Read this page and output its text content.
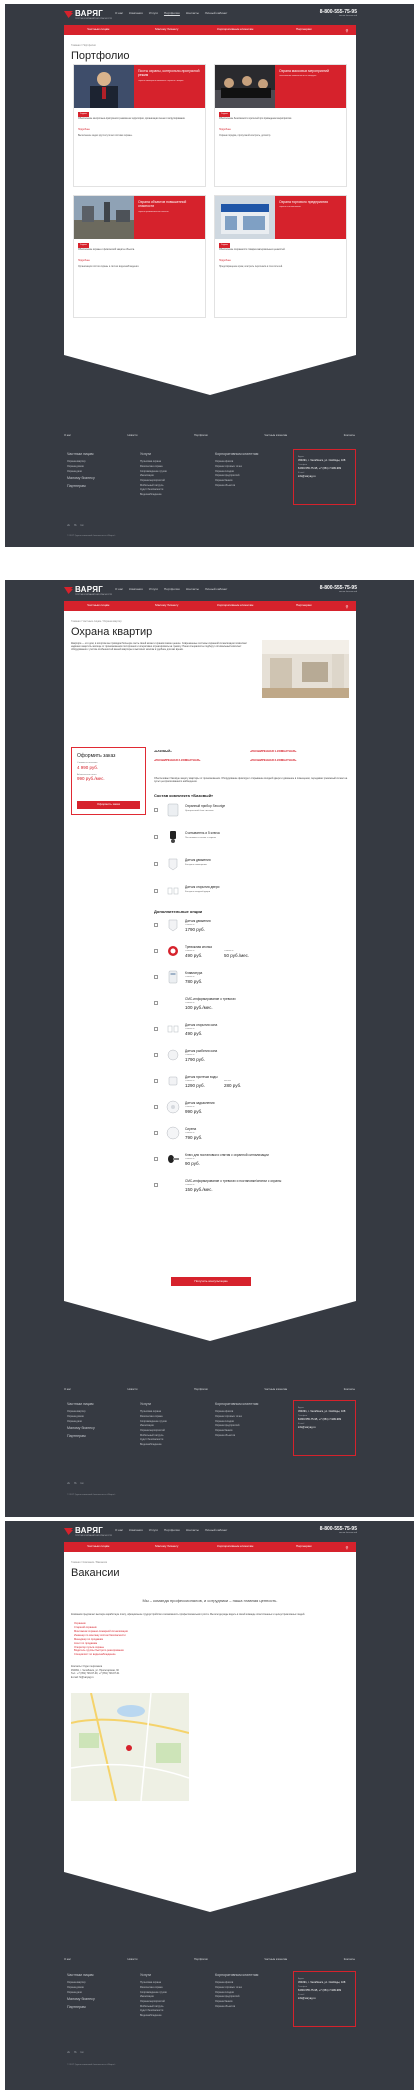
ВАРЯГ
ГРУППА КОМПАНИЙ БЕЗОПАСНОСТИ
О нас Компания Услуги Портфолио Контакты Личный кабинет	8-800-555-75-95
звонок бесплатный
Частным лицам	Малому бизнесу	Корпоративным клиентам	Партнерам	⚲
Главная / Портфолио
Портфолио
Посты охраны, контрольно-пропускной режим
Охрана жилищного комплекса «Крылья Сибири»
Задачи
Обеспечение контрольно-пропускного режима на территории, организация пешего патрулирования.
Подробнее
Выполнение задач круглосуточно постами охраны.
Охрана массовых мероприятий
Обеспечение безопасности на концерте
Задачи
Обеспечение безопасности зрителей при проведении мероприятия.
Подробнее
Охрана порядка, пропускной контроль, досмотр.
Охрана объектов повышенной опасности
Охрана промышленного объекта
Задачи
Обеспечение охраны и физической защиты объекта.
Подробнее
Организация постов охраны и систем видеонаблюдения.
Охрана торгового предприятия
Охрана сети магазинов
Задачи
Обеспечение сохранности товарно-материальных ценностей.
Подробнее
Предотвращение краж, контроль персонала и посетителей.
О нас	Новости	Портфолио	Частным клиентам	Контакты
Частным лицам
Охрана квартир
Охрана домов
Охрана дачи
Малому бизнесу
Партнерам
Услуги
Пультовая охрана
Физическая охрана
Сопровождение грузов
Инкассация
Охрана мероприятий
Мобильный патруль
Аудит безопасности
Видеонаблюдение
Корпоративным клиентам
Охрана офисов
Охрана торговых точек
Охрана складов
Охрана предприятий
Охрана банков
Охрана объектов
Адрес
454091, г. Челябинск, ул. Свободы, 108
Телефон
8-800-555-75-95, +7 (351) 7-999-999
E-mail
info@varyag.ru
vk fb tw
© 2017 Группа компаний безопасности «Варяг»
ВАРЯГ
ГРУППА КОМПАНИЙ БЕЗОПАСНОСТИ
О нас Компания Услуги Портфолио Контакты Личный кабинет	8-800-555-75-95
звонок бесплатный
Частным лицам	Малому бизнесу	Корпоративным клиентам	Партнерам	⚲
Главная / Частным лицам / Охрана квартир
Охрана квартир
Квартира — это дом, в котором мы проводим большую часть своей жизни и храним самое ценное. Современные системы охранной сигнализации позволяют надёжно защитить жилище от проникновения посторонних и оперативно отреагировать на тревогу. Наши специалисты подберут оптимальный комплект оборудования с учётом особенностей вашей квартиры и выполнят монтаж в удобное для вас время.
Оформить заказ
Стоимость монтажа
4 990 руб.
Абонентская плата
990 руб./мес.
Оформить заказ
«БАЗОВЫЙ»	«РАСШИРЕННАЯ 1-КОМНАТНАЯ»
«РАСШИРЕННАЯ 2-КОМНАТНАЯ»	«РАСШИРЕННАЯ 3-КОМНАТНАЯ»
Обеспечивает базовую защиту квартиры от проникновения. Оборудование фиксирует открывание входной двери и движение в помещении, передавая тревожный сигнал на пульт централизованного наблюдения.
Состав комплекта «Базовый»
Охранный прибор Securige
Центральный блок системы
Считыватель и 5 ключа
Постановка и снятие с охраны
Датчик движения
Контроль помещения
Датчик открытия двери
Контроль входной двери
Дополнительные опции
Датчик движения
стоимость
1790 руб.
Тревожная кнопка
стоимость
490 руб.
стоимость
50 руб./мес.
Клавиатура
стоимость
780 руб.
СМС-информирование о тревогах
стоимость
100 руб./мес.
Датчик открытия окна
стоимость
490 руб.
Датчик разбития окна
стоимость
1790 руб.
Датчик протечки воды
стоимость
1290 руб.
монтаж
280 руб.
Датчик задымления
стоимость
990 руб.
Сирена
стоимость
790 руб.
Ключ для постановки и снятия с охранной сигнализации
стоимость
90 руб.
СМС-информирование о тревогах и постановке/снятии с охраны
стоимость
150 руб./мес.
Получить консультацию
О нас	Новости	Портфолио	Частным клиентам	Контакты
Частным лицам
Охрана квартир
Охрана домов
Охрана дачи
Малому бизнесу
Партнерам
Услуги
Пультовая охрана
Физическая охрана
Сопровождение грузов
Инкассация
Охрана мероприятий
Мобильный патруль
Аудит безопасности
Видеонаблюдение
Корпоративным клиентам
Охрана офисов
Охрана торговых точек
Охрана складов
Охрана предприятий
Охрана банков
Охрана объектов
Адрес
454091, г. Челябинск, ул. Свободы, 108
Телефон
8-800-555-75-95, +7 (351) 7-999-999
E-mail
info@varyag.ru
vk fb tw
© 2017 Группа компаний безопасности «Варяг»
ВАРЯГ
ГРУППА КОМПАНИЙ БЕЗОПАСНОСТИ
О нас Компания Услуги Портфолио Контакты Личный кабинет	8-800-555-75-95
звонок бесплатный
Частным лицам	Малому бизнесу	Корпоративным клиентам	Партнерам	⚲
Главная / Компания / Вакансии
Вакансии
Мы – команда профессионалов, и сотрудники – наша главная ценность.
Компания предлагает высокую заработную плату, официальное трудоустройство и возможность профессионального роста. Мы всегда рады видеть в своей команде ответственных и целеустремлённых людей.
Охранник
Старший охранник
Монтажник охранно-пожарной сигнализации
Инженер по монтажу систем безопасности
Менеджер по продажам
Агент по продажам
Оператор пульта охраны
Водитель группы быстрого реагирования
Специалист по видеонаблюдению
Контакты: Отдел персонала
454091, г. Челябинск, ул. Пролетарская, 30
Тел.: +7 (351) 729-97-00, +7 (351) 729-97-01
E-mail: hr@varyag.ru
О нас	Новости	Портфолио	Частным клиентам	Контакты
Частным лицам
Охрана квартир
Охрана домов
Охрана дачи
Малому бизнесу
Партнерам
Услуги
Пультовая охрана
Физическая охрана
Сопровождение грузов
Инкассация
Охрана мероприятий
Мобильный патруль
Аудит безопасности
Видеонаблюдение
Корпоративным клиентам
Охрана офисов
Охрана торговых точек
Охрана складов
Охрана предприятий
Охрана банков
Охрана объектов
Адрес
454091, г. Челябинск, ул. Свободы, 108
Телефон
8-800-555-75-95, +7 (351) 7-999-999
E-mail
info@varyag.ru
vk fb tw
© 2017 Группа компаний безопасности «Варяг»
